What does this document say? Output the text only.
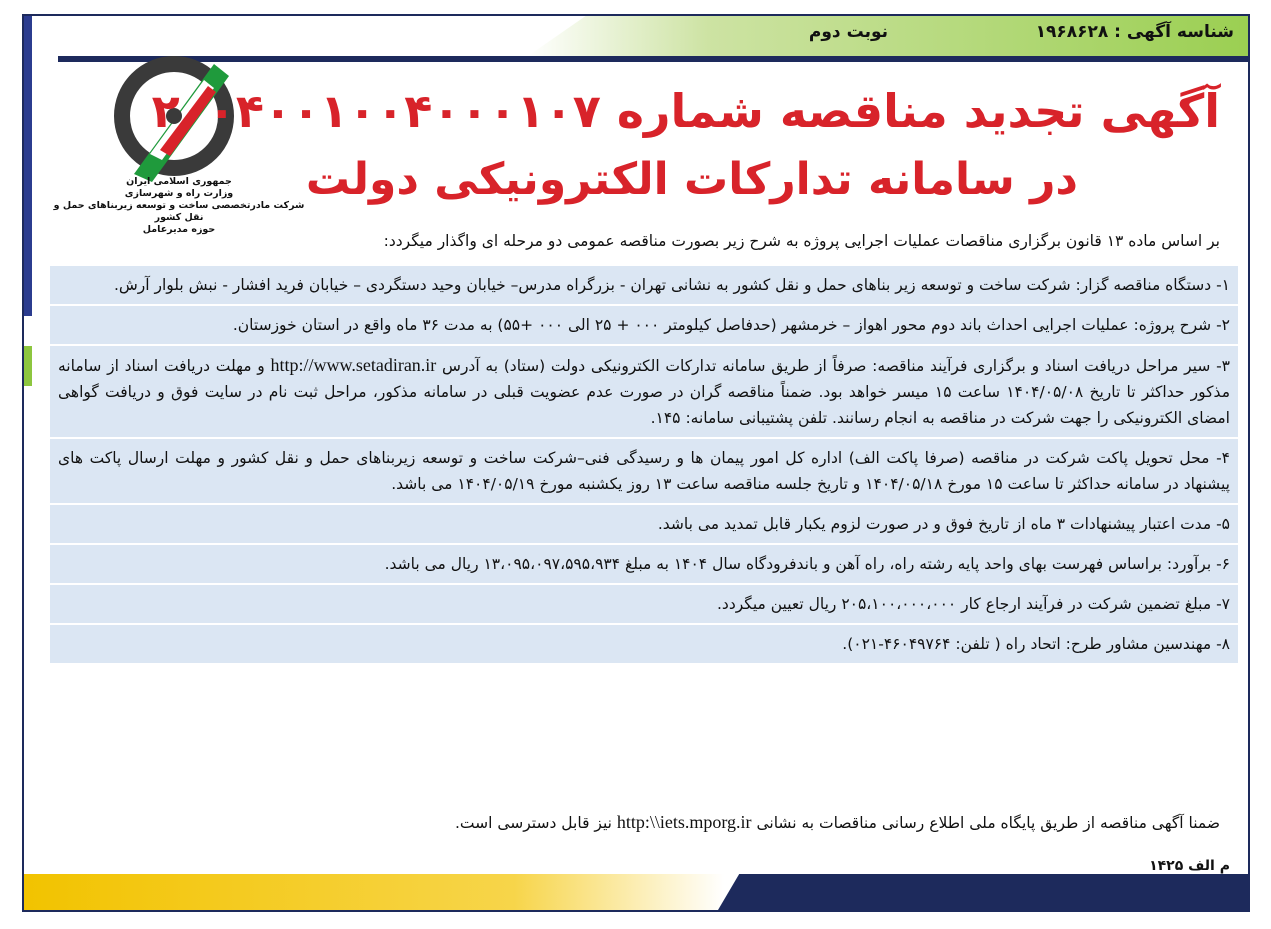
شناسه آگهی : ۱۹۶۸۶۲۸
نوبت دوم
جمهوری اسلامی ایران
وزارت راه و شهرسازی
شرکت مادرتخصصی ساخت و توسعه زیربناهای حمل و نقل کشور
حوزه مدیرعامل
آگهی تجدید مناقصه شماره ۲۰۰۴۰۰۱۰۰۴۰۰۰۱۰۷
در سامانه تدارکات الکترونیکی دولت
بر اساس ماده ۱۳ قانون برگزاری مناقصات عملیات اجرایی پروژه به شرح زیر بصورت مناقصه عمومی دو مرحله ای واگذار میگردد:
۱- دستگاه مناقصه گزار: شرکت ساخت و توسعه زیر بناهای حمل و نقل کشور به نشانی تهران - بزرگراه مدرس– خیابان وحید دستگردی – خیابان فرید افشار - نبش بلوار آرش.
۲- شرح پروژه: عملیات اجرایی احداث باند دوم محور اهواز – خرمشهر (حدفاصل کیلومتر ۰۰۰ + ۲۵ الی ۰۰۰ +۵۵) به مدت ۳۶ ماه واقع در استان خوزستان.
۳- سیر مراحل دریافت اسناد و برگزاری فرآیند مناقصه: صرفاً از طریق سامانه تدارکات الکترونیکی دولت (ستاد) به آدرس http://www.setadiran.ir و مهلت دریافت اسناد از سامانه مذکور حداکثر تا تاریخ ۱۴۰۴/۰۵/۰۸ ساعت ۱۵ میسر خواهد بود. ضمناً مناقصه گران در صورت عدم عضویت قبلی در سامانه مذکور، مراحل ثبت نام در سایت فوق و دریافت گواهی امضای الکترونیکی را جهت شرکت در مناقصه به انجام رسانند. تلفن پشتیبانی سامانه: ۱۴۵.
۴- محل تحویل پاکت شرکت در مناقصه (صرفا پاکت الف) اداره کل امور پیمان ها و رسیدگی فنی–شرکت ساخت و توسعه زیربناهای حمل و نقل کشور و مهلت ارسال پاکت های پیشنهاد در سامانه حداکثر تا ساعت ۱۵ مورخ ۱۴۰۴/۰۵/۱۸ و تاریخ جلسه مناقصه ساعت ۱۳ روز یکشنبه مورخ ۱۴۰۴/۰۵/۱۹ می باشد.
۵- مدت اعتبار پیشنهادات ۳ ماه از تاریخ فوق و در صورت لزوم یکبار قابل تمدید می باشد.
۶- برآورد: براساس فهرست بهای واحد پایه رشته راه، راه آهن و باندفرودگاه سال ۱۴۰۴ به مبلغ ۱۳،۰۹۵،۰۹۷،۵۹۵،۹۳۴ ریال می باشد.
۷- مبلغ تضمین شرکت در فرآیند ارجاع کار ۲۰۵،۱۰۰،۰۰۰،۰۰۰ ریال تعیین میگردد.
۸- مهندسین مشاور طرح: اتحاد راه ( تلفن: ۴۶۰۴۹۷۶۴-۰۲۱).
ضمنا آگهی مناقصه از طریق پایگاه ملی اطلاع رسانی مناقصات به نشانی http:\\iets.mporg.ir نیز قابل دسترسی است.
م الف ۱۴۲۵
